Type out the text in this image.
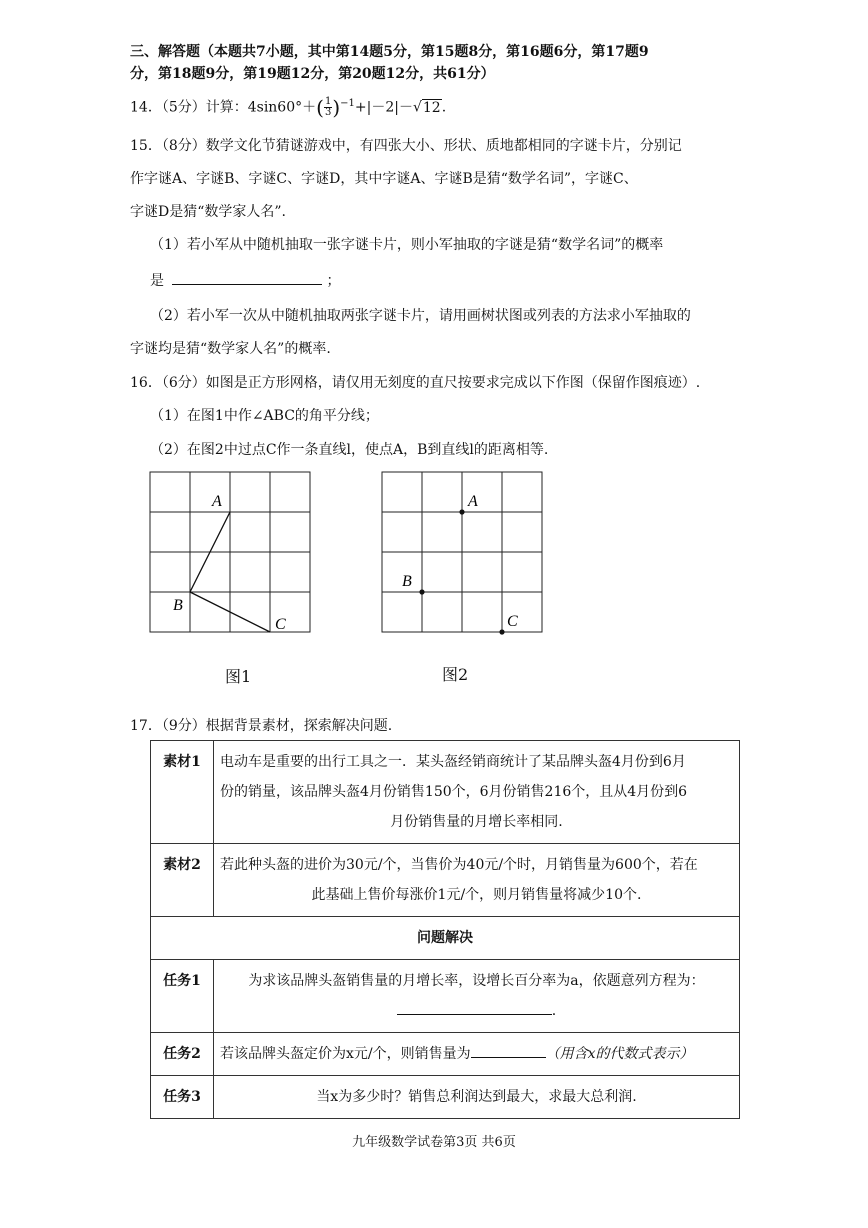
三、解答题（本题共7小题，其中第14题5分，第15题8分，第16题6分，第17题9
分，第18题9分，第19题12分，第20题12分，共61分）
14．（5分）计算：$4\sin 60^\circ+( \frac{1}{3} )^{-1}+|-2|-√12$.
15．（8分）数学文化节猜谜游戏中，有四张大小、形状、质地都相同的字谜卡片，分别记
作字谜A、字谜B、字谜C、字谜D，其中字谜A、字谜B是猜“数学名词”，字谜C、
字谜D是猜“数学家人名”.
（1）若小军从中随机抽取一张字谜卡片，则小军抽取的字谜是猜“数学名词”的概率
是	；
（2）若小军一次从中随机抽取两张字谜卡片，请用画树状图或列表的方法求小军抽取的
字谜均是猜“数学家人名”的概率.
16．（6分）如图是正方形网格，请仅用无刻度的直尺按要求完成以下作图（保留作图痕迹）.
（1）在图1中作∠ABC的角平分线；
（2）在图2中过点C作一条直线l，使点A，B到直线l的距离相等.
A
B
C
图1
A
B
C
图2
17．（9分）根据背景素材，探索解决问题.
素材1	电动车是重要的出行工具之一．某头盔经销商统计了某品牌头盔4月份到6月
份的销量，该品牌头盔4月份销售150个，6月份销售216个，且从4月份到6
月份销售量的月增长率相同.

素材2	若此种头盔的进价为30元/个，当售价为40元/个时，月销售量为600个，若在
此基础上售价每涨价1元/个，则月销售量将减少10个.

问题解决	
任务1	为求该品牌头盔销售量的月增长率，设增长百分率为a，依题意列方程为：
.

任务2	若该品牌头盔定价为x元/个，则销售量为 （用含x的代数式表示）
任务3	当x为多少时？销售总利润达到最大，求最大总利润.
九年级数学试卷第3页 共6页
